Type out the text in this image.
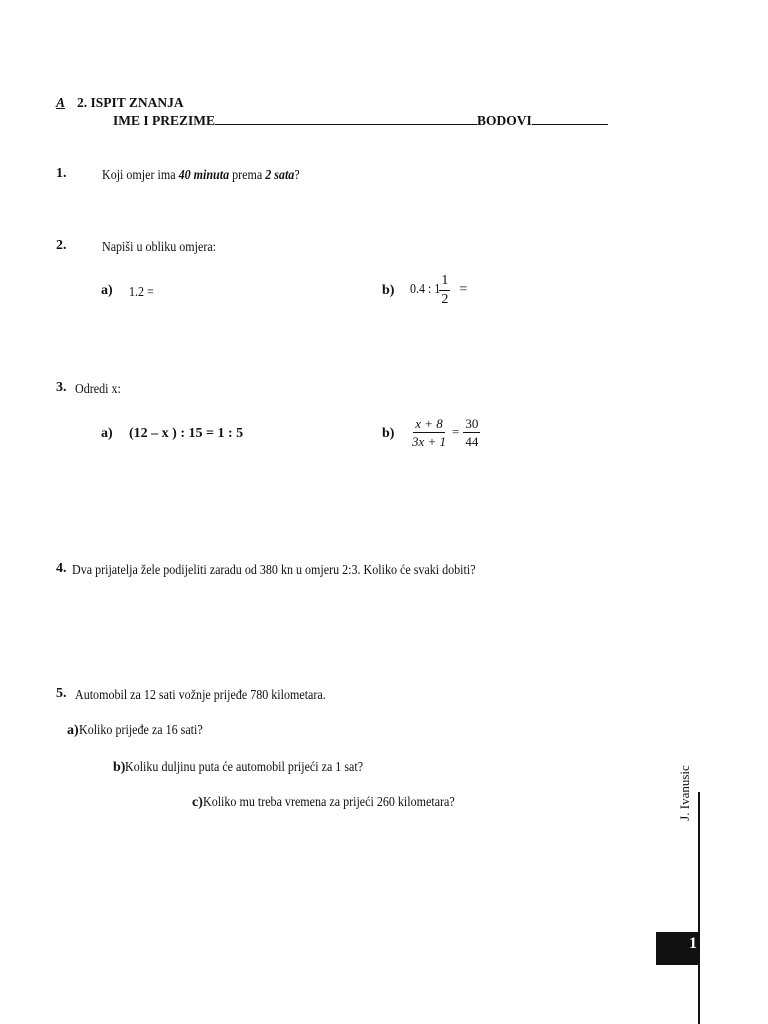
A 2. ISPIT ZNANJA
IME I PREZIME	BODOVI
1.	Koji omjer ima 40 minuta prema 2 sata?
2.	Napiši u obliku omjera:
a) 1.2 =	b) 0.4 : 1
$\frac{1}{2}$ =
3. Odredi x:
a) (12 – x ) : 15 = 1 : 5	$b) \frac{x + 8}{3x + 1} = \frac{30}{44}$
4. Dva prijatelja žele podijeliti zaradu od 380 kn u omjeru 2:3. Koliko će svaki dobiti?
5. Automobil za 12 sati vožnje prijeđe 780 kilometara.
a)Koliko prijeđe za 16 sati?
b)Koliku duljinu puta će automobil prijeći za 1 sat?
c)Koliko mu treba vremena za prijeći 260 kilometara?	J. Ivanusic
1
